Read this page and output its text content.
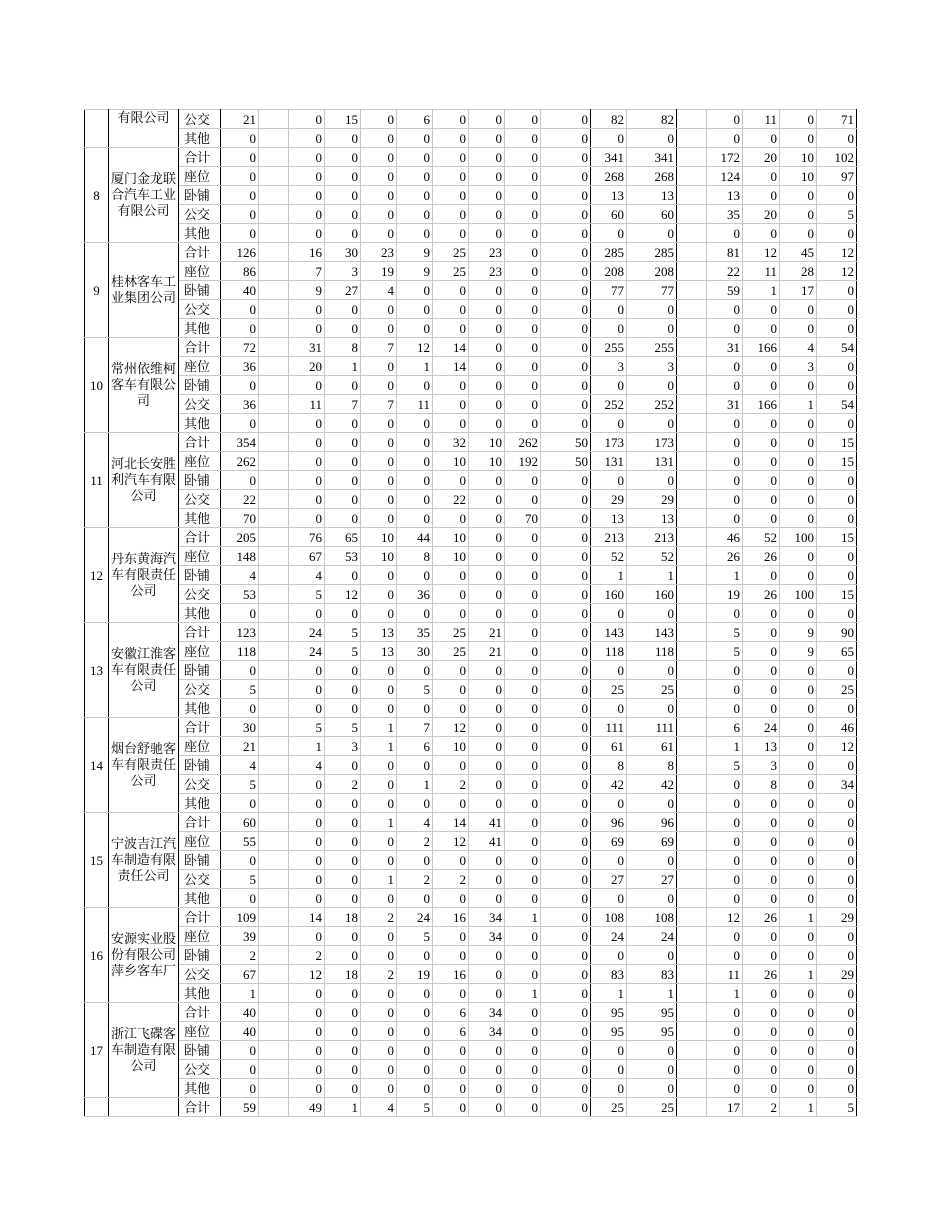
	有限公司	公交	21		0	15	0	6	0	0	0	0	82	82		0	11	0	71
		其他	0		0	0	0	0	0	0	0	0	0	0		0	0	0	0
8	厦门金龙联合汽车工业有限公司	合计	0		0	0	0	0	0	0	0	0	341	341		172	20	10	102
		座位	0		0	0	0	0	0	0	0	0	268	268		124	0	10	97
		卧铺	0		0	0	0	0	0	0	0	0	13	13		13	0	0	0
		公交	0		0	0	0	0	0	0	0	0	60	60		35	20	0	5
		其他	0		0	0	0	0	0	0	0	0	0	0		0	0	0	0
9	桂林客车工业集团公司	合计	126		16	30	23	9	25	23	0	0	285	285		81	12	45	12
		座位	86		7	3	19	9	25	23	0	0	208	208		22	11	28	12
		卧铺	40		9	27	4	0	0	0	0	0	77	77		59	1	17	0
		公交	0		0	0	0	0	0	0	0	0	0	0		0	0	0	0
		其他	0		0	0	0	0	0	0	0	0	0	0		0	0	0	0
10	常州依维柯客车有限公司	合计	72		31	8	7	12	14	0	0	0	255	255		31	166	4	54
		座位	36		20	1	0	1	14	0	0	0	3	3		0	0	3	0
		卧铺	0		0	0	0	0	0	0	0	0	0	0		0	0	0	0
		公交	36		11	7	7	11	0	0	0	0	252	252		31	166	1	54
		其他	0		0	0	0	0	0	0	0	0	0	0		0	0	0	0
11	河北长安胜利汽车有限公司	合计	354		0	0	0	0	32	10	262	50	173	173		0	0	0	15
		座位	262		0	0	0	0	10	10	192	50	131	131		0	0	0	15
		卧铺	0		0	0	0	0	0	0	0	0	0	0		0	0	0	0
		公交	22		0	0	0	0	22	0	0	0	29	29		0	0	0	0
		其他	70		0	0	0	0	0	0	70	0	13	13		0	0	0	0
12	丹东黄海汽车有限责任公司	合计	205		76	65	10	44	10	0	0	0	213	213		46	52	100	15
		座位	148		67	53	10	8	10	0	0	0	52	52		26	26	0	0
		卧铺	4		4	0	0	0	0	0	0	0	1	1		1	0	0	0
		公交	53		5	12	0	36	0	0	0	0	160	160		19	26	100	15
		其他	0		0	0	0	0	0	0	0	0	0	0		0	0	0	0
13	安徽江淮客车有限责任公司	合计	123		24	5	13	35	25	21	0	0	143	143		5	0	9	90
		座位	118		24	5	13	30	25	21	0	0	118	118		5	0	9	65
		卧铺	0		0	0	0	0	0	0	0	0	0	0		0	0	0	0
		公交	5		0	0	0	5	0	0	0	0	25	25		0	0	0	25
		其他	0		0	0	0	0	0	0	0	0	0	0		0	0	0	0
14	烟台舒驰客车有限责任公司	合计	30		5	5	1	7	12	0	0	0	111	111		6	24	0	46
		座位	21		1	3	1	6	10	0	0	0	61	61		1	13	0	12
		卧铺	4		4	0	0	0	0	0	0	0	8	8		5	3	0	0
		公交	5		0	2	0	1	2	0	0	0	42	42		0	8	0	34
		其他	0		0	0	0	0	0	0	0	0	0	0		0	0	0	0
15	宁波吉江汽车制造有限责任公司	合计	60		0	0	1	4	14	41	0	0	96	96		0	0	0	0
		座位	55		0	0	0	2	12	41	0	0	69	69		0	0	0	0
		卧铺	0		0	0	0	0	0	0	0	0	0	0		0	0	0	0
		公交	5		0	0	1	2	2	0	0	0	27	27		0	0	0	0
		其他	0		0	0	0	0	0	0	0	0	0	0		0	0	0	0
16	安源实业股份有限公司萍乡客车厂	合计	109		14	18	2	24	16	34	1	0	108	108		12	26	1	29
		座位	39		0	0	0	5	0	34	0	0	24	24		0	0	0	0
		卧铺	2		2	0	0	0	0	0	0	0	0	0		0	0	0	0
		公交	67		12	18	2	19	16	0	0	0	83	83		11	26	1	29
		其他	1		0	0	0	0	0	0	1	0	1	1		1	0	0	0
17	浙江飞碟客车制造有限公司	合计	40		0	0	0	0	6	34	0	0	95	95		0	0	0	0
		座位	40		0	0	0	0	6	34	0	0	95	95		0	0	0	0
		卧铺	0		0	0	0	0	0	0	0	0	0	0		0	0	0	0
		公交	0		0	0	0	0	0	0	0	0	0	0		0	0	0	0
		其他	0		0	0	0	0	0	0	0	0	0	0		0	0	0	0
		合计	59		49	1	4	5	0	0	0	0	25	25		17	2	1	5
